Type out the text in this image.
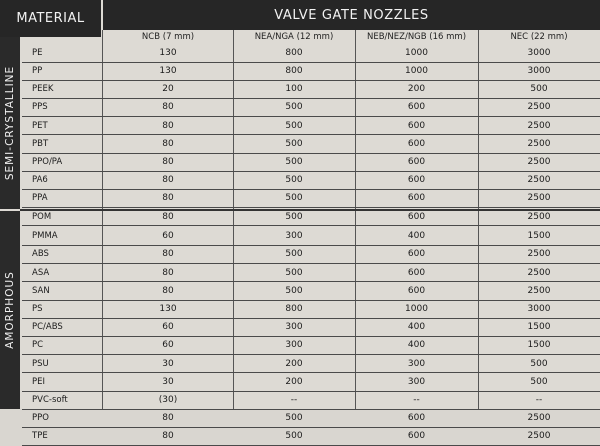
MATERIAL	VALVE GATE NOZZLES
NCB (7 mm)	NEA/NGA (12 mm)	NEB/NEZ/NGB (16 mm)	NEC (22 mm)
SEMI-CRYSTALLINE
AMORPHOUS
PE	130	800	1000	3000
PP	130	800	1000	3000
PEEK	20	100	200	500
PPS	80	500	600	2500
PET	80	500	600	2500
PBT	80	500	600	2500
PPO/PA	80	500	600	2500
PA6	80	500	600	2500
PPA	80	500	600	2500
POM	80	500	600	2500
PMMA	60	300	400	1500
ABS	80	500	600	2500
ASA	80	500	600	2500
SAN	80	500	600	2500
PS	130	800	1000	3000
PC/ABS	60	300	400	1500
PC	60	300	400	1500
PSU	30	200	300	500
PEI	30	200	300	500
PVC-soft	(30)	--	--	--
PPO	80	500	600	2500
TPE	80	500	600	2500
